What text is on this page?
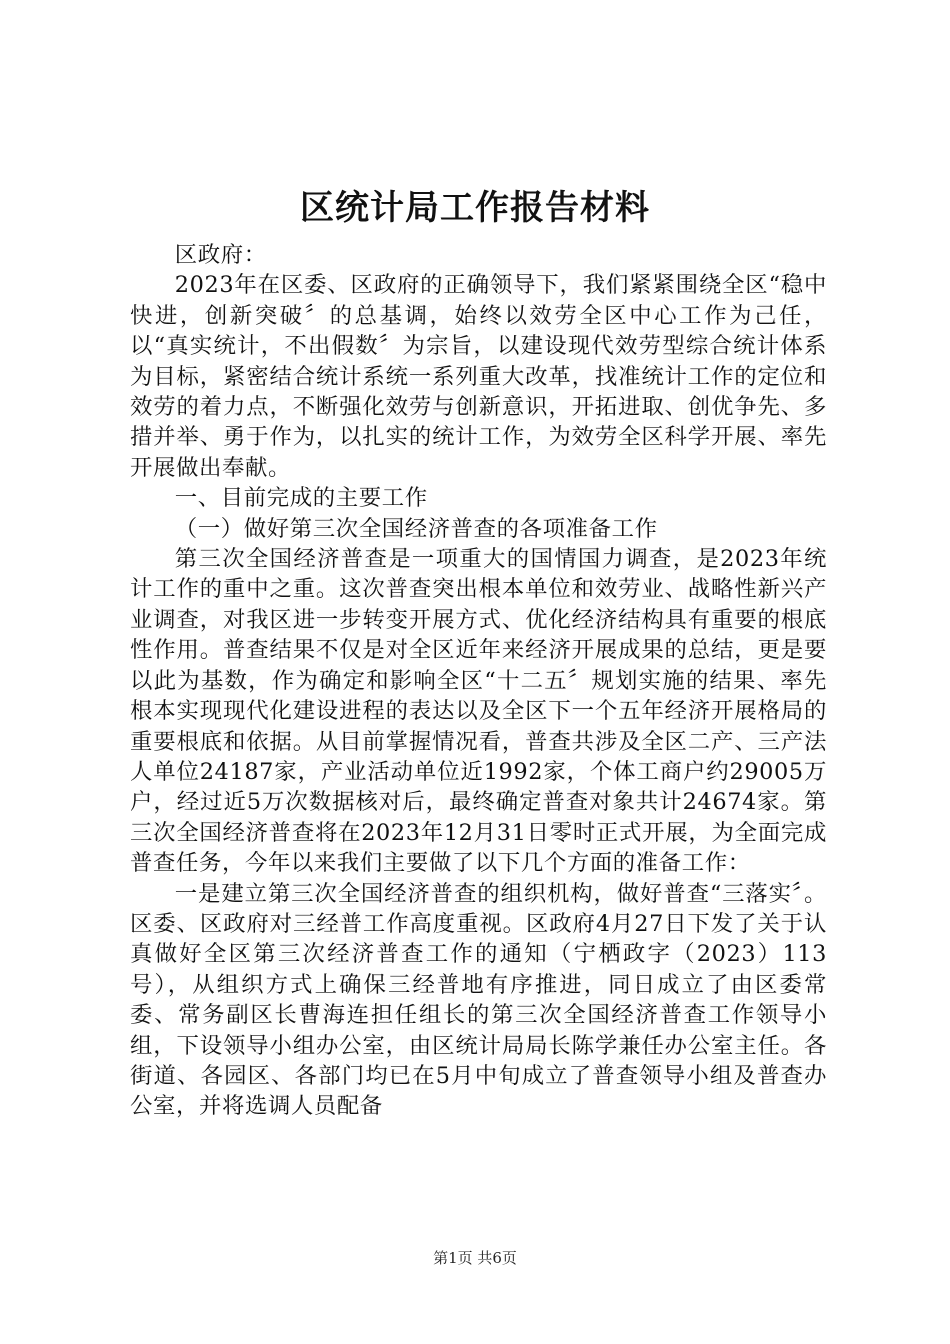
区统计局工作报告材料

区政府：

2023年在区委、区政府的正确领导下，我们紧紧围绕全区“稳中快进，创新突破〞的总基调，始终以效劳全区中心工作为己任，以“真实统计，不出假数〞为宗旨，以建设现代效劳型综合统计体系为目标，紧密结合统计系统一系列重大改革，找准统计工作的定位和效劳的着力点，不断强化效劳与创新意识，开拓进取、创优争先、多措并举、勇于作为，以扎实的统计工作，为效劳全区科学开展、率先开展做出奉献。

一、目前完成的主要工作

（一）做好第三次全国经济普查的各项准备工作

第三次全国经济普查是一项重大的国情国力调查，是2023年统计工作的重中之重。这次普查突出根本单位和效劳业、战略性新兴产业调查，对我区进一步转变开展方式、优化经济结构具有重要的根底性作用。普查结果不仅是对全区近年来经济开展成果的总结，更是要以此为基数，作为确定和影响全区“十二五〞规划实施的结果、率先根本实现现代化建设进程的表达以及全区下一个五年经济开展格局的重要根底和依据。从目前掌握情况看，普查共涉及全区二产、三产法人单位24187家，产业活动单位近1992家，个体工商户约29005万户，经过近5万次数据核对后，最终确定普查对象共计24674家。第三次全国经济普查将在2023年12月31日零时正式开展，为全面完成普查任务，今年以来我们主要做了以下几个方面的准备工作：

一是建立第三次全国经济普查的组织机构，做好普查“三落实〞。区委、区政府对三经普工作高度重视。区政府4月27日下发了关于认真做好全区第三次经济普查工作的通知（宁栖政字（2023）113号），从组织方式上确保三经普地有序推进，同日成立了由区委常委、常务副区长曹海连担任组长的第三次全国经济普查工作领导小组，下设领导小组办公室，由区统计局局长陈学兼任办公室主任。各街道、各园区、各部门均已在5月中旬成立了普查领导小组及普查办公室，并将选调人员配备

第1页 共6页
